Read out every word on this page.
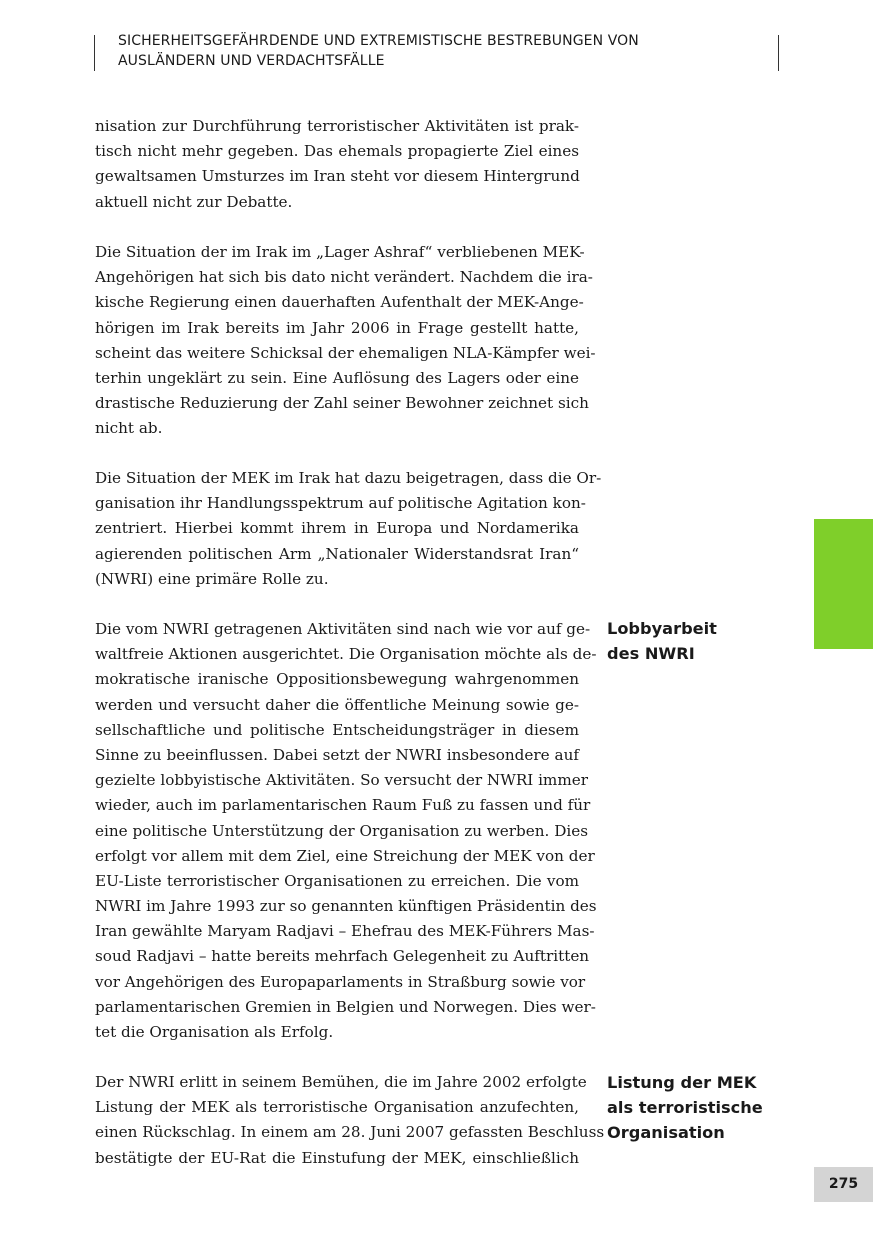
SICHERHEITSGEFÄHRDENDE UND EXTREMISTISCHE BESTREBUNGEN VON
AUSLÄNDERN UND VERDACHTSFÄLLE

nisation zur Durchführung terroristischer Aktivitäten ist prak-
tisch nicht mehr gegeben. Das ehemals propagierte Ziel eines
gewaltsamen Umsturzes im Iran steht vor diesem Hintergrund
aktuell nicht zur Debatte.

Die Situation der im Irak im „Lager Ashraf“ verbliebenen MEK-
Angehörigen hat sich bis dato nicht verändert. Nachdem die ira-
kische Regierung einen dauerhaften Aufenthalt der MEK-Ange-
hörigen im Irak bereits im Jahr 2006 in Frage gestellt hatte,
scheint das weitere Schicksal der ehemaligen NLA-Kämpfer wei-
terhin ungeklärt zu sein. Eine Auflösung des Lagers oder eine
drastische Reduzierung der Zahl seiner Bewohner zeichnet sich
nicht ab.

Die Situation der MEK im Irak hat dazu beigetragen, dass die Or-
ganisation ihr Handlungsspektrum auf politische Agitation kon-
zentriert. Hierbei kommt ihrem in Europa und Nordamerika
agierenden politischen Arm „Nationaler Widerstandsrat Iran“
(NWRI) eine primäre Rolle zu.

Die vom NWRI getragenen Aktivitäten sind nach wie vor auf ge-
waltfreie Aktionen ausgerichtet. Die Organisation möchte als de-
mokratische iranische Oppositionsbewegung wahrgenommen
werden und versucht daher die öffentliche Meinung sowie ge-
sellschaftliche und politische Entscheidungsträger in diesem
Sinne zu beeinflussen. Dabei setzt der NWRI insbesondere auf
gezielte lobbyistische Aktivitäten. So versucht der NWRI immer
wieder, auch im parlamentarischen Raum Fuß zu fassen und für
eine politische Unterstützung der Organisation zu werben. Dies
erfolgt vor allem mit dem Ziel, eine Streichung der MEK von der
EU-Liste terroristischer Organisationen zu erreichen. Die vom
NWRI im Jahre 1993 zur so genannten künftigen Präsidentin des
Iran gewählte Maryam Radjavi – Ehefrau des MEK-Führers Mas-
soud Radjavi – hatte bereits mehrfach Gelegenheit zu Auftritten
vor Angehörigen des Europaparlaments in Straßburg sowie vor
parlamentarischen Gremien in Belgien und Norwegen. Dies wer-
tet die Organisation als Erfolg.

Der NWRI erlitt in seinem Bemühen, die im Jahre 2002 erfolgte
Listung der MEK als terroristische Organisation anzufechten,
einen Rückschlag. In einem am 28. Juni 2007 gefassten Beschluss
bestätigte der EU-Rat die Einstufung der MEK, einschließlich

Lobbyarbeit
des NWRI
Listung der MEK
als terroristische
Organisation
275
